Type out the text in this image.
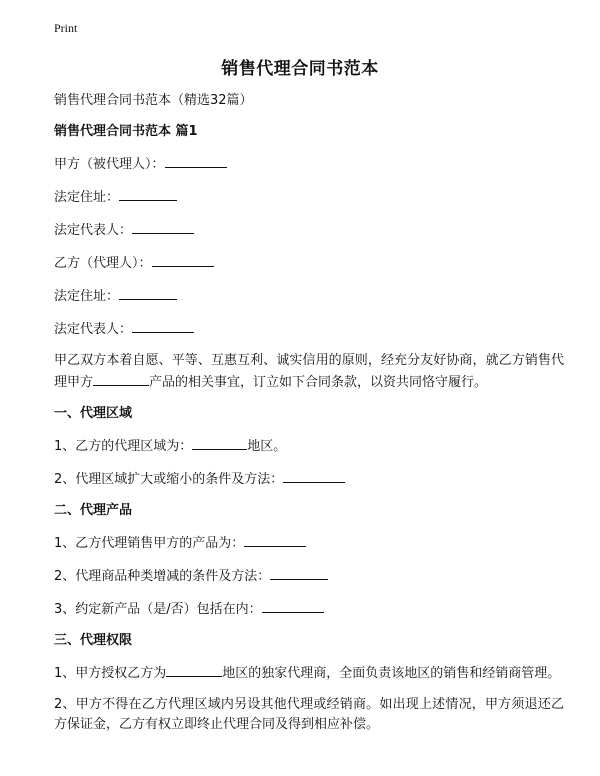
Print
销售代理合同书范本

销售代理合同书范本（精选32篇）

销售代理合同书范本 篇1

甲方（被代理人）：

法定住址：

法定代表人：

乙方（代理人）：

法定住址：

法定代表人：

甲乙双方本着自愿、平等、互惠互利、诚实信用的原则，经充分友好协商，就乙方销售代理甲方	产品的相关事宜，订立如下合同条款，以资共同恪守履行。

一、代理区域

1、乙方的代理区域为：	地区。

2、代理区域扩大或缩小的条件及方法：

二、代理产品

1、乙方代理销售甲方的产品为：

2、代理商品种类增减的条件及方法：

3、约定新产品（是/否）包括在内：

三、代理权限

1、甲方授权乙方为	地区的独家代理商，全面负责该地区的销售和经销商管理。

2、甲方不得在乙方代理区域内另设其他代理或经销商。如出现上述情况，甲方须退还乙方保证金，乙方有权立即终止代理合同及得到相应补偿。
